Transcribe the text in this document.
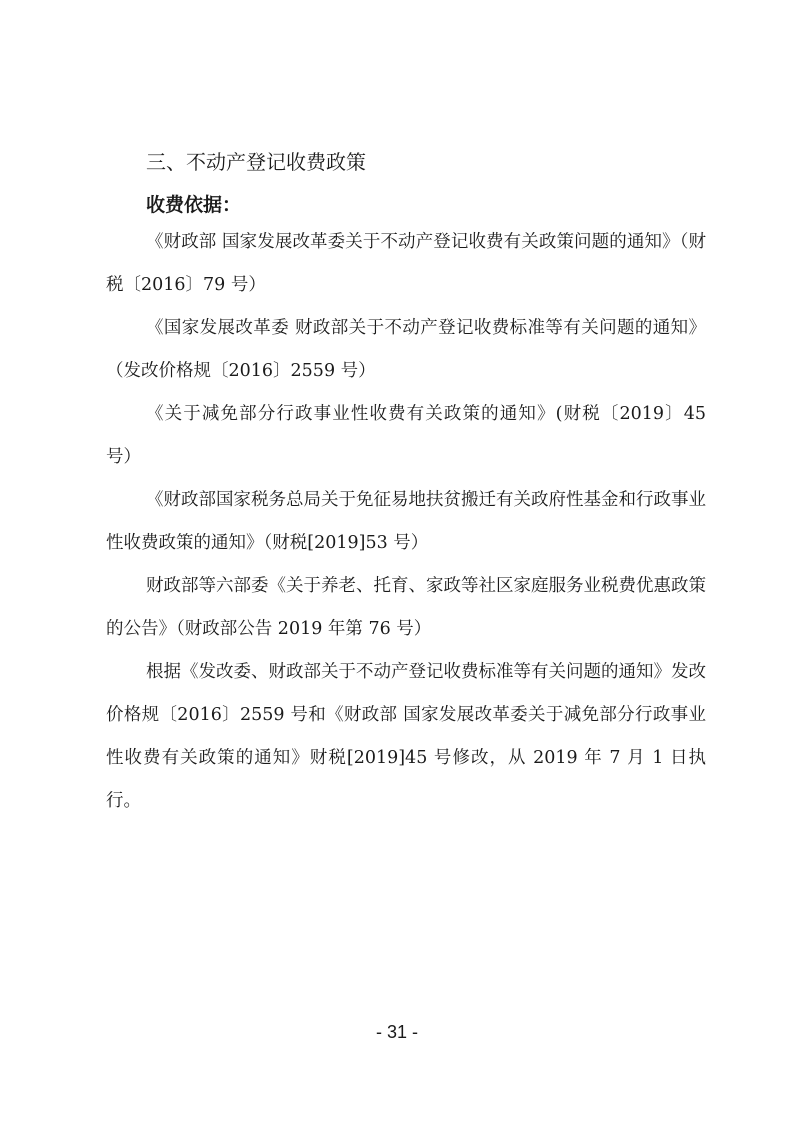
三、不动产登记收费政策

收费依据：

《财政部 国家发展改革委关于不动产登记收费有关政策问题的通知》（财税〔2016〕79 号）

《国家发展改革委 财政部关于不动产登记收费标准等有关问题的通知》（发改价格规〔2016〕2559 号）

《关于减免部分行政事业性收费有关政策的通知》(财税〔2019〕45 号）

《财政部国家税务总局关于免征易地扶贫搬迁有关政府性基金和行政事业性收费政策的通知》（财税[2019]53 号）

财政部等六部委《关于养老、托育、家政等社区家庭服务业税费优惠政策的公告》（财政部公告 2019 年第 76 号）

根据《发改委、财政部关于不动产登记收费标准等有关问题的通知》发改价格规〔2016〕2559 号和《财政部 国家发展改革委关于减免部分行政事业性收费有关政策的通知》财税[2019]45 号修改，从 2019 年 7 月 1 日执行。

- 31 -
